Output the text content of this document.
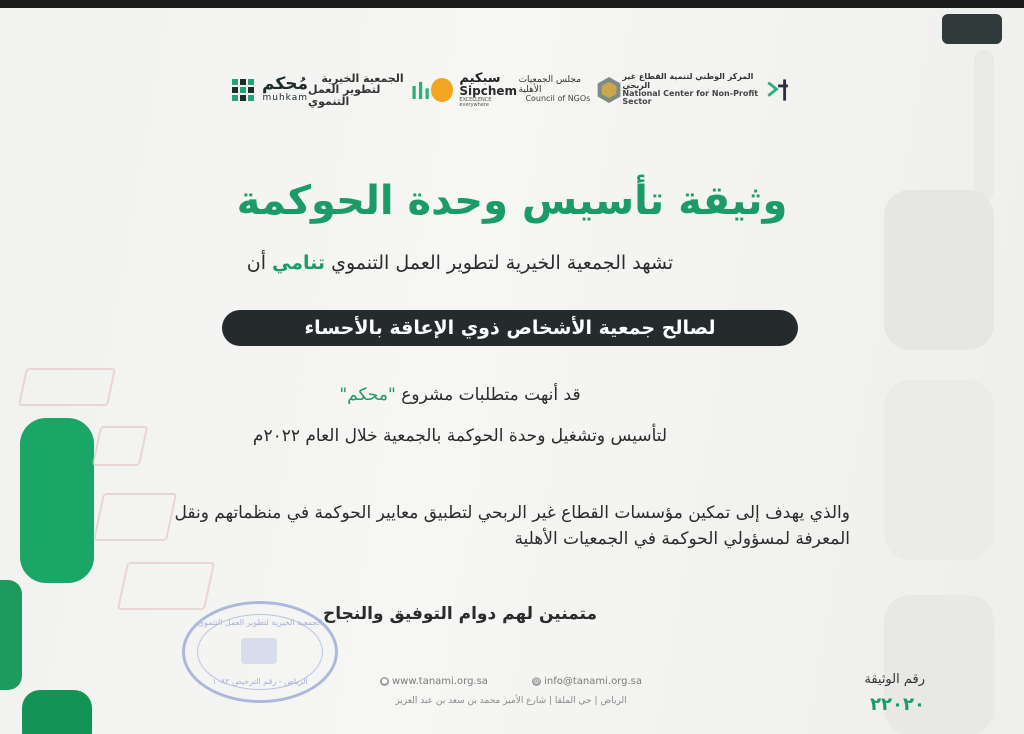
مُحكم
muhkam
الجمعية الخيرية
لتطوير العمل التنموي
سبكيم
Sipchem
EXCELLENCE everywhere
مجلس الجمعيات الأهلية
Council of NGOs
المركز الوطني لتنمية القطاع غير الربحي
National Center for Non-Profit Sector
وثيقة تأسيس وحدة الحوكمة
تشهد الجمعية الخيرية لتطوير العمل التنموي تنامي أن
لصالح جمعية الأشخاص ذوي الإعاقة بالأحساء
قد أنهت متطلبات مشروع "محكم"
لتأسيس وتشغيل وحدة الحوكمة بالجمعية خلال العام ٢٠٢٢م
والذي يهدف إلى تمكين مؤسسات القطاع غير الربحي لتطبيق معايير الحوكمة في منظماتهم ونقل المعرفة لمسؤولي الحوكمة في الجمعيات الأهلية
متمنين لهم دوام التوفيق والنجاح
الجمعية الخيرية لتطوير العمل التنموي
الرياض - رقم الترخيص ١٠٨٢	● www.tanami.org.sa	@ info@tanami.org.sa
الرياض | حي الملقا | شارع الأمير محمد بن سعد بن عبد العزيز
رقم الوثيقة
٢٢٠٢٠
